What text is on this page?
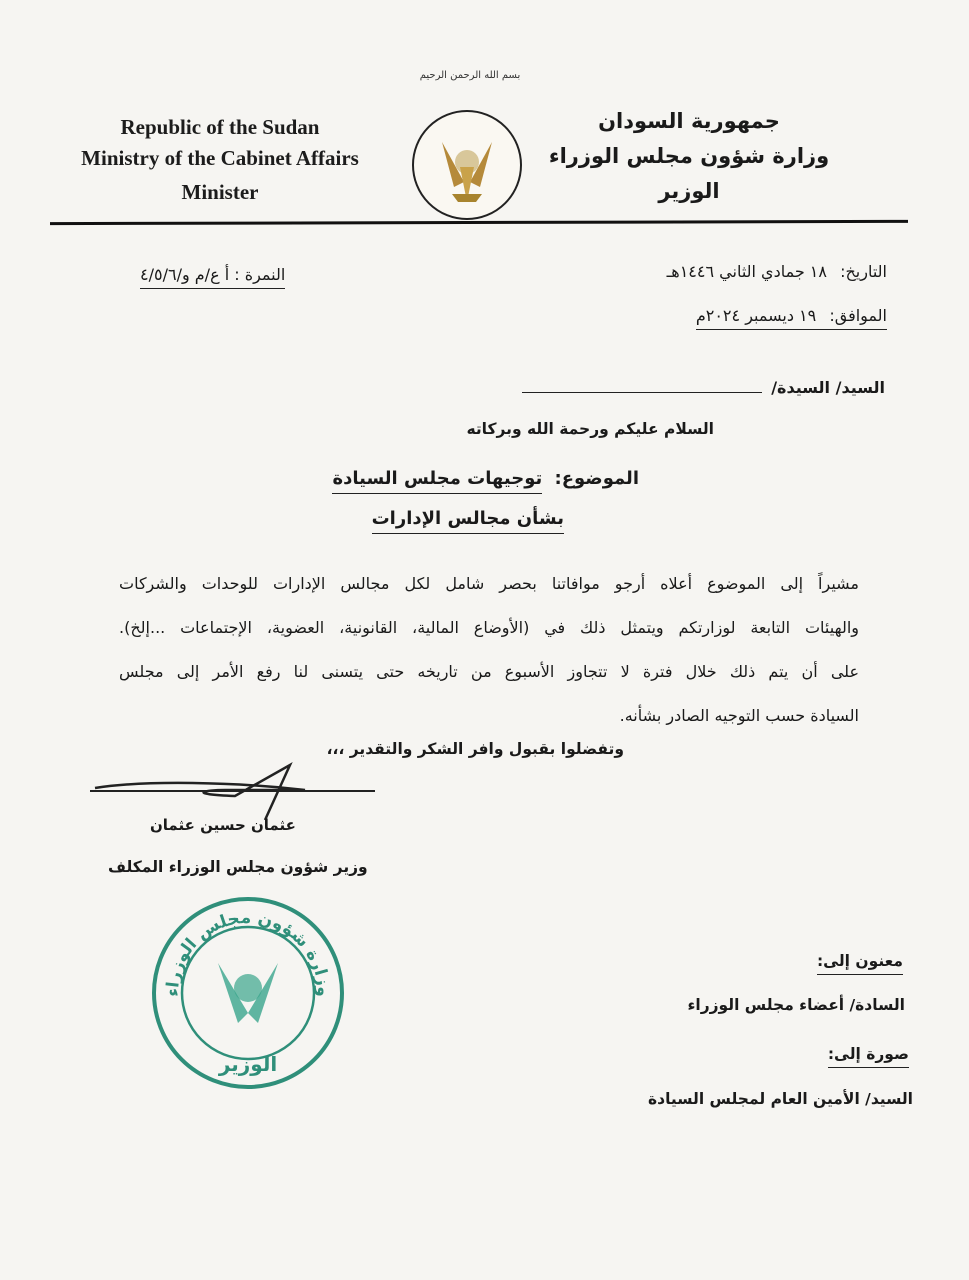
بسم الله الرحمن الرحيم
Republic of the Sudan
Ministry of the Cabinet Affairs
Minister
جمهورية السودان
وزارة شؤون مجلس الوزراء
الوزير
التاريخ: ١٨ جمادي الثاني ١٤٤٦هـ
الموافق: ١٩ ديسمبر ٢٠٢٤م
النمرة : أ ع/م و/٤/٥/٦
السيد/ السيدة/
السلام عليكم ورحمة الله وبركاته
الموضوع: توجيهات مجلس السيادة
بشأن مجالس الإدارات
مشيراً إلى الموضوع أعلاه أرجو موافاتنا بحصر شامل لكل مجالس الإدارات للوحدات والشركات
والهيئات التابعة لوزارتكم ويتمثل ذلك في (الأوضاع المالية، القانونية، العضوية، الإجتماعات ...إلخ).
على أن يتم ذلك خلال فترة لا تتجاوز الأسبوع من تاريخه حتى يتسنى لنا رفع الأمر إلى مجلس
السيادة حسب التوجيه الصادر بشأنه.
وتفضلوا بقبول وافر الشكر والتقدير ،،،
عثمان حسين عثمان
وزير شؤون مجلس الوزراء المكلف
وزارة شؤون مجلس الوزراء
الوزير
معنون إلى:
السادة/ أعضاء مجلس الوزراء
صورة إلى:
السيد/ الأمين العام لمجلس السيادة
